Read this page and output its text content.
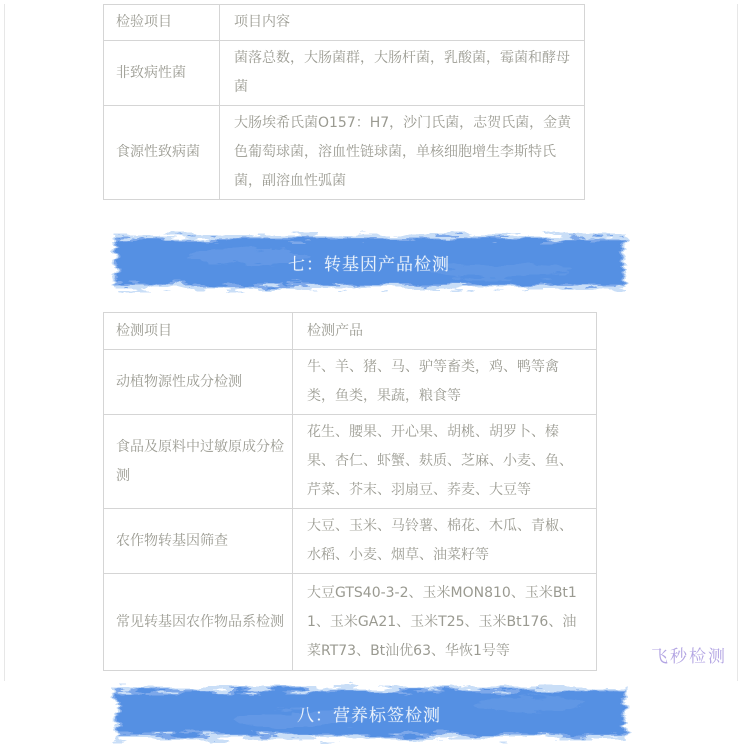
检验项目	项目内容
非致病性菌	菌落总数，大肠菌群，大肠杆菌，乳酸菌，霉菌和酵母菌
食源性致病菌	大肠埃希氏菌O157：H7，沙门氏菌，志贺氏菌，金黄色葡萄球菌，溶血性链球菌，单核细胞增生李斯特氏菌，副溶血性弧菌
七：转基因产品检测
检测项目	检测产品
动植物源性成分检测	牛、羊、猪、马、驴等畜类，鸡、鸭等禽类，鱼类，果蔬，粮食等
食品及原料中过敏原成分检测	花生、腰果、开心果、胡桃、胡罗卜、榛果、杏仁、虾蟹、麸质、芝麻、小麦、鱼、芹菜、芥末、羽扇豆、荞麦、大豆等
农作物转基因筛查	大豆、玉米、马铃薯、棉花、木瓜、青椒、水稻、小麦、烟草、油菜籽等
常见转基因农作物品系检测	大豆GTS40-3-2、玉米MON810、玉米Bt11、玉米GA21、玉米T25、玉米Bt176、油菜RT73、Bt汕优63、华恢1号等
八：营养标签检测
飞秒检测
